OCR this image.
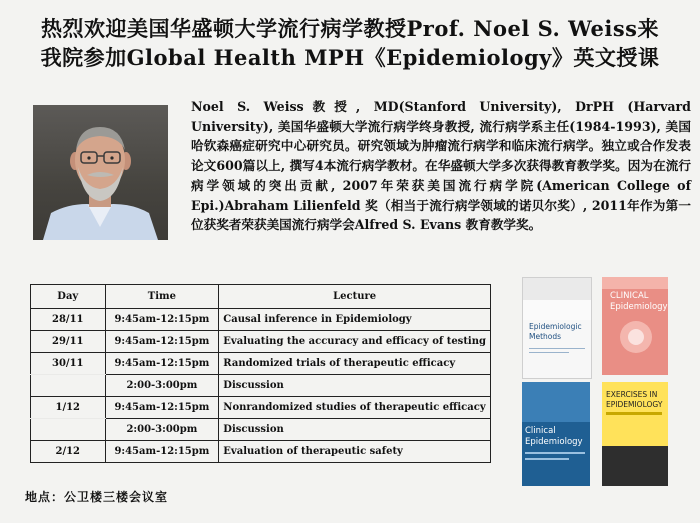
热烈欢迎美国华盛顿大学流行病学教授Prof. Noel S. Weiss来
我院参加Global Health MPH《Epidemiology》英文授课
Noel S. Weiss教授, MD(Stanford University), DrPH (Harvard University), 美国华盛顿大学流行病学终身教授, 流行病学系主任(1984-1993), 美国哈钦森癌症研究中心研究员。研究领域为肿瘤流行病学和临床流行病学。独立或合作发表论文600篇以上, 撰写4本流行病学教材。在华盛顿大学多次获得教育教学奖。因为在流行病学领域的突出贡献, 2007年荣获美国流行病学院(American College of Epi.)Abraham Lilienfeld 奖（相当于流行病学领域的诺贝尔奖）, 2011年作为第一位获奖者荣获美国流行病学会Alfred S. Evans 教育教学奖。
Day	Time	Lecture
28/11	9:45am-12:15pm	Causal inference in Epidemiology
29/11	9:45am-12:15pm	Evaluating the accuracy and efficacy of testing
30/11	9:45am-12:15pm	Randomized trials of therapeutic efficacy
	2:00-3:00pm	Discussion
1/12	9:45am-12:15pm	Nonrandomized studies of therapeutic efficacy
	2:00-3:00pm	Discussion
2/12	9:45am-12:15pm	Evaluation of therapeutic safety
Epidemiologic
Methods
CLINICAL
Epidemiology
Clinical
Epidemiology
EXERCISES IN
EPIDEMIOLOGY
地点：公卫楼三楼会议室
